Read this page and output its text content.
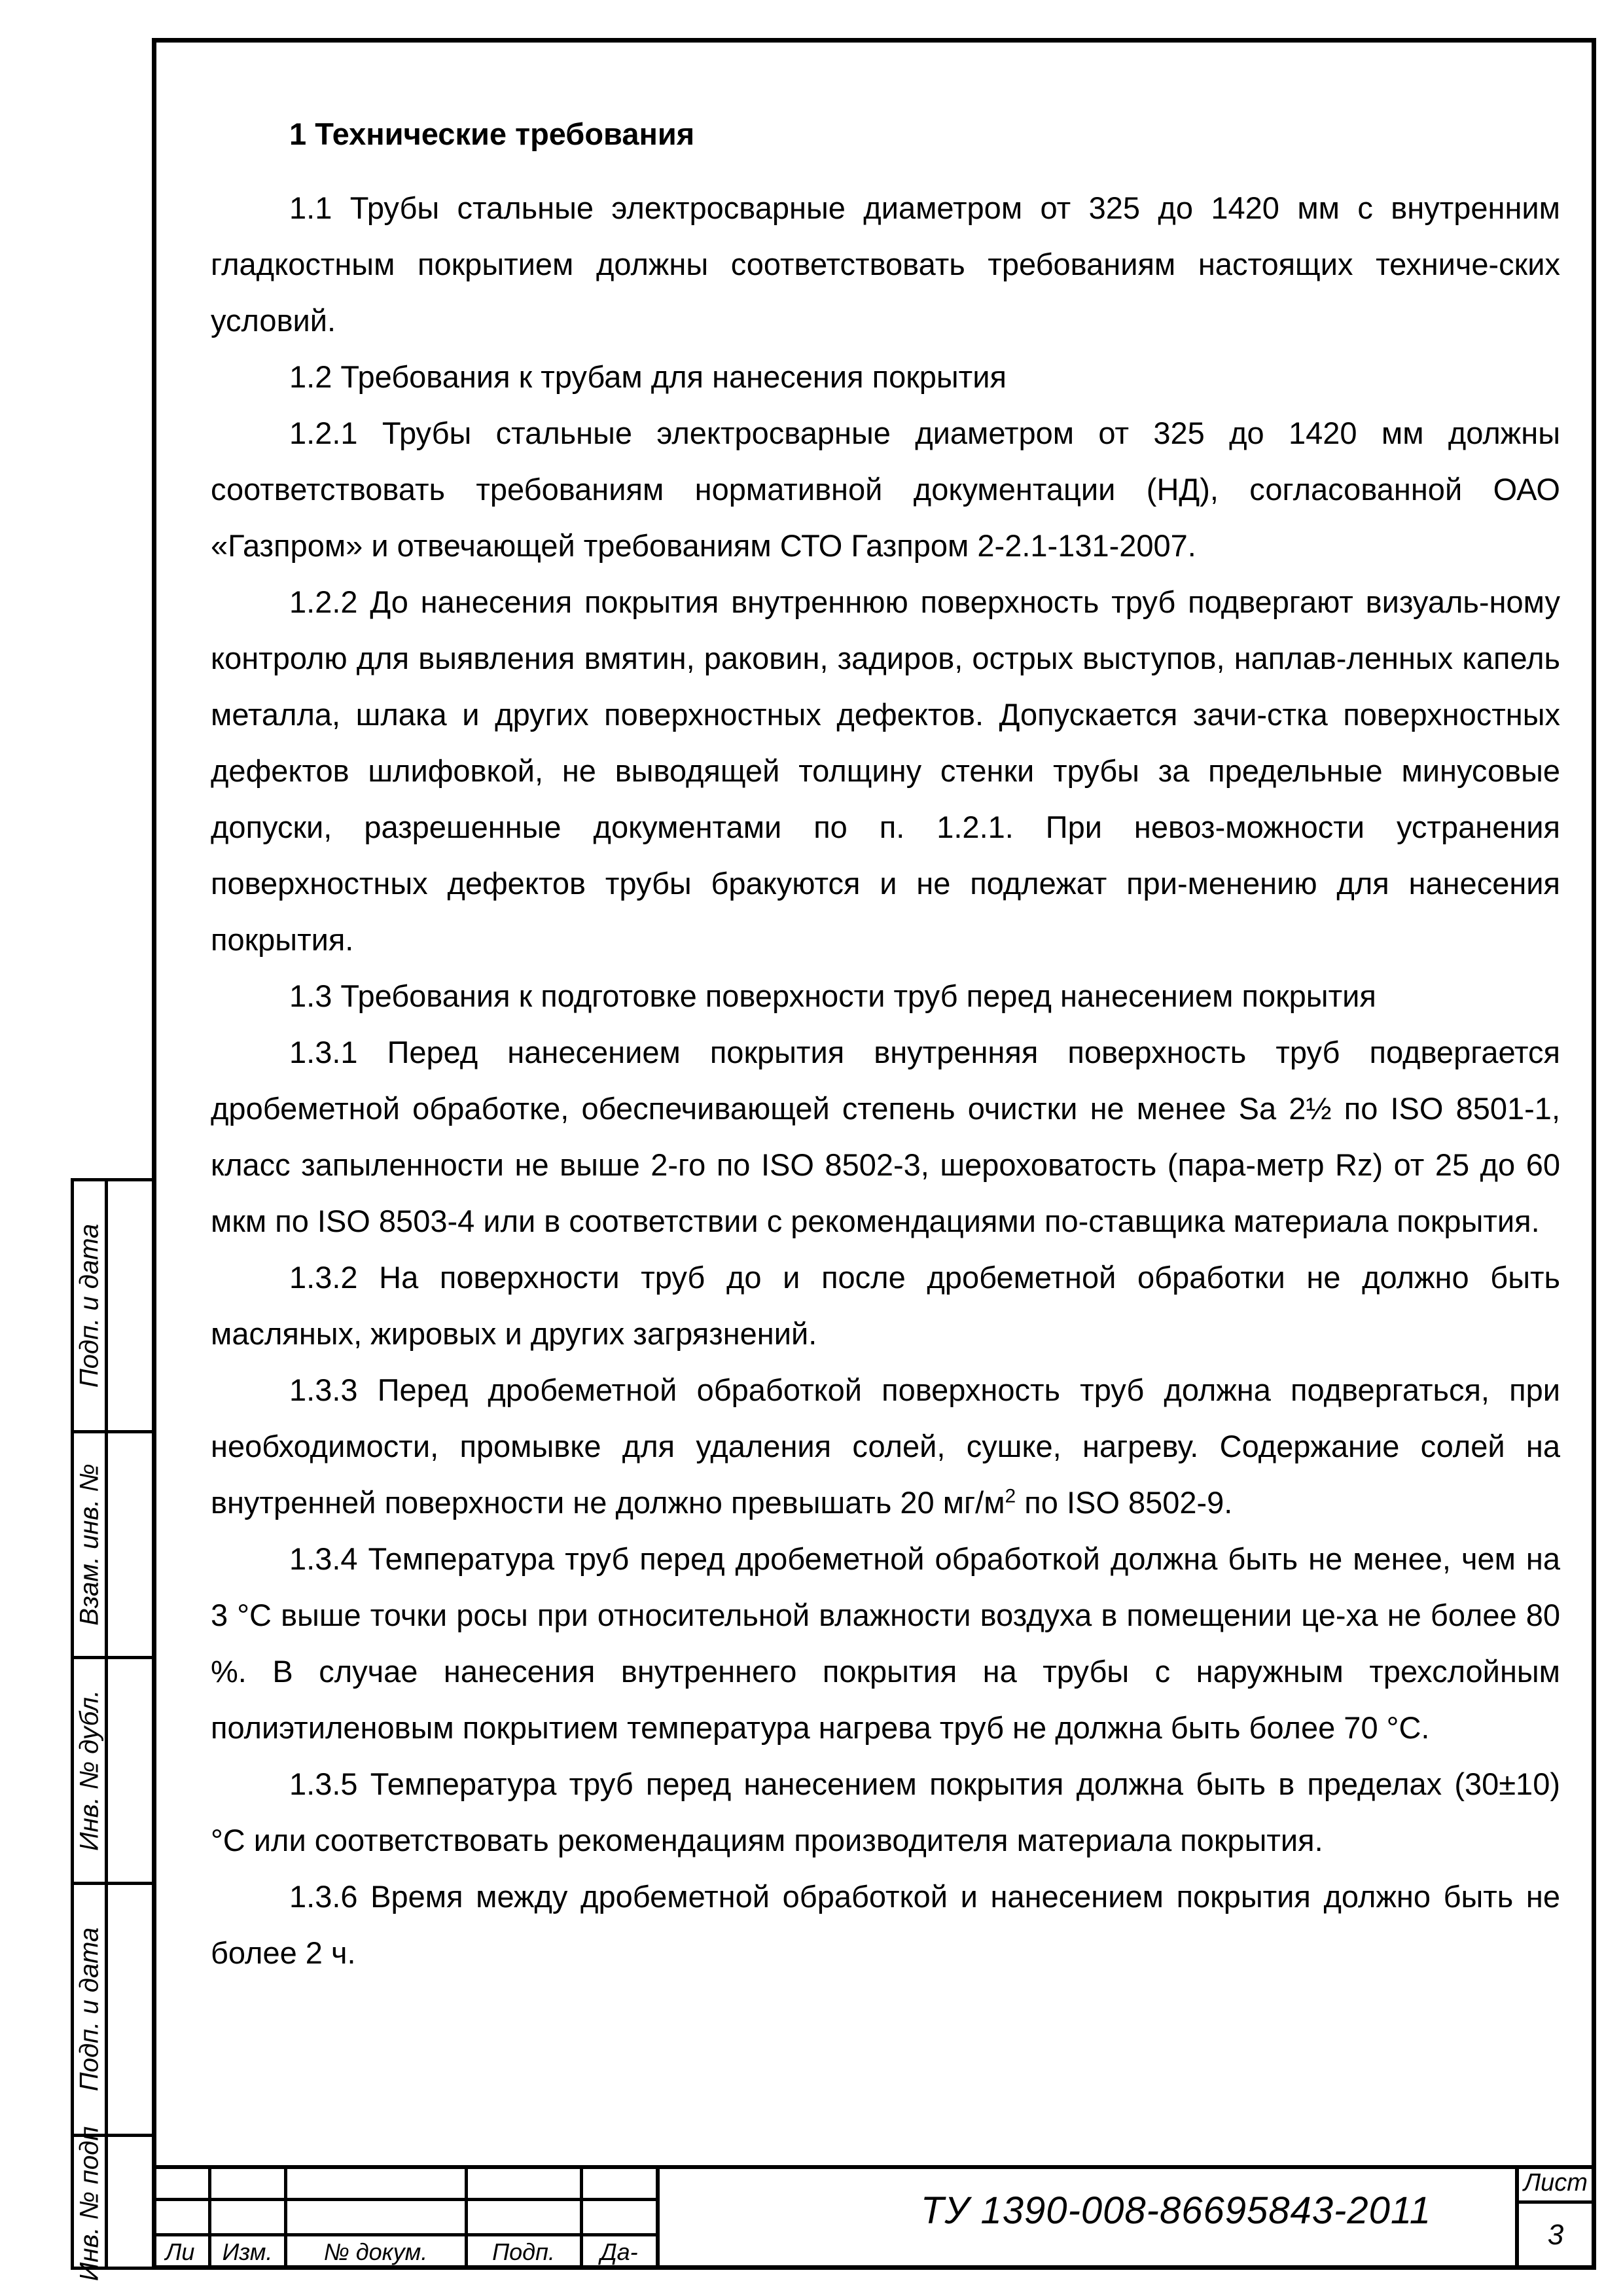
Подп. и дата
Взам. инв. №
Инв. № дубл.
Подп. и дата
Инв. № подп
1 Технические требования

1.1 Трубы стальные электросварные диаметром от 325 до 1420 мм с внутренним гладкостным покрытием должны соответствовать требованиям настоящих техниче-ских условий.

1.2 Требования к трубам для нанесения покрытия

1.2.1 Трубы стальные электросварные диаметром от 325 до 1420 мм должны соответствовать требованиям нормативной документации (НД), согласованной ОАО «Газпром» и отвечающей требованиям СТО Газпром 2-2.1-131-2007.

1.2.2 До нанесения покрытия внутреннюю поверхность труб подвергают визуаль-ному контролю для выявления вмятин, раковин, задиров, острых выступов, наплав-ленных капель металла, шлака и других поверхностных дефектов. Допускается зачи-стка поверхностных дефектов шлифовкой, не выводящей толщину стенки трубы за предельные минусовые допуски, разрешенные документами по п. 1.2.1. При невоз-можности устранения поверхностных дефектов трубы бракуются и не подлежат при-менению для нанесения покрытия.

1.3 Требования к подготовке поверхности труб перед нанесением покрытия

1.3.1 Перед нанесением покрытия внутренняя поверхность труб подвергается дробеметной обработке, обеспечивающей степень очистки не менее Sa 2½ по ISO 8501-1, класс запыленности не выше 2-го по ISO 8502-3, шероховатость (пара-метр Rz) от 25 до 60 мкм по ISO 8503-4 или в соответствии с рекомендациями по-ставщика материала покрытия.

1.3.2 На поверхности труб до и после дробеметной обработки не должно быть масляных, жировых и других загрязнений.

1.3.3 Перед дробеметной обработкой поверхность труб должна подвергаться, при необходимости, промывке для удаления солей, сушке, нагреву. Содержание солей на внутренней поверхности не должно превышать 20 $мг/м^2$ по ISO 8502-9.

1.3.4 Температура труб перед дробеметной обработкой должна быть не менее, чем на 3 °С выше точки росы при относительной влажности воздуха в помещении це-ха не более 80 %. В случае нанесения внутреннего покрытия на трубы с наружным трехслойным полиэтиленовым покрытием температура нагрева труб не должна быть более 70 °С.

1.3.5 Температура труб перед нанесением покрытия должна быть в пределах (30±10) °С или соответствовать рекомендациям производителя материала покрытия.

1.3.6 Время между дробеметной обработкой и нанесением покрытия должно быть не более 2 ч.

Ли	Изм.	№ докум.	Подп.	Да-
ТУ 1390-008-86695843-2011
Лист
3
